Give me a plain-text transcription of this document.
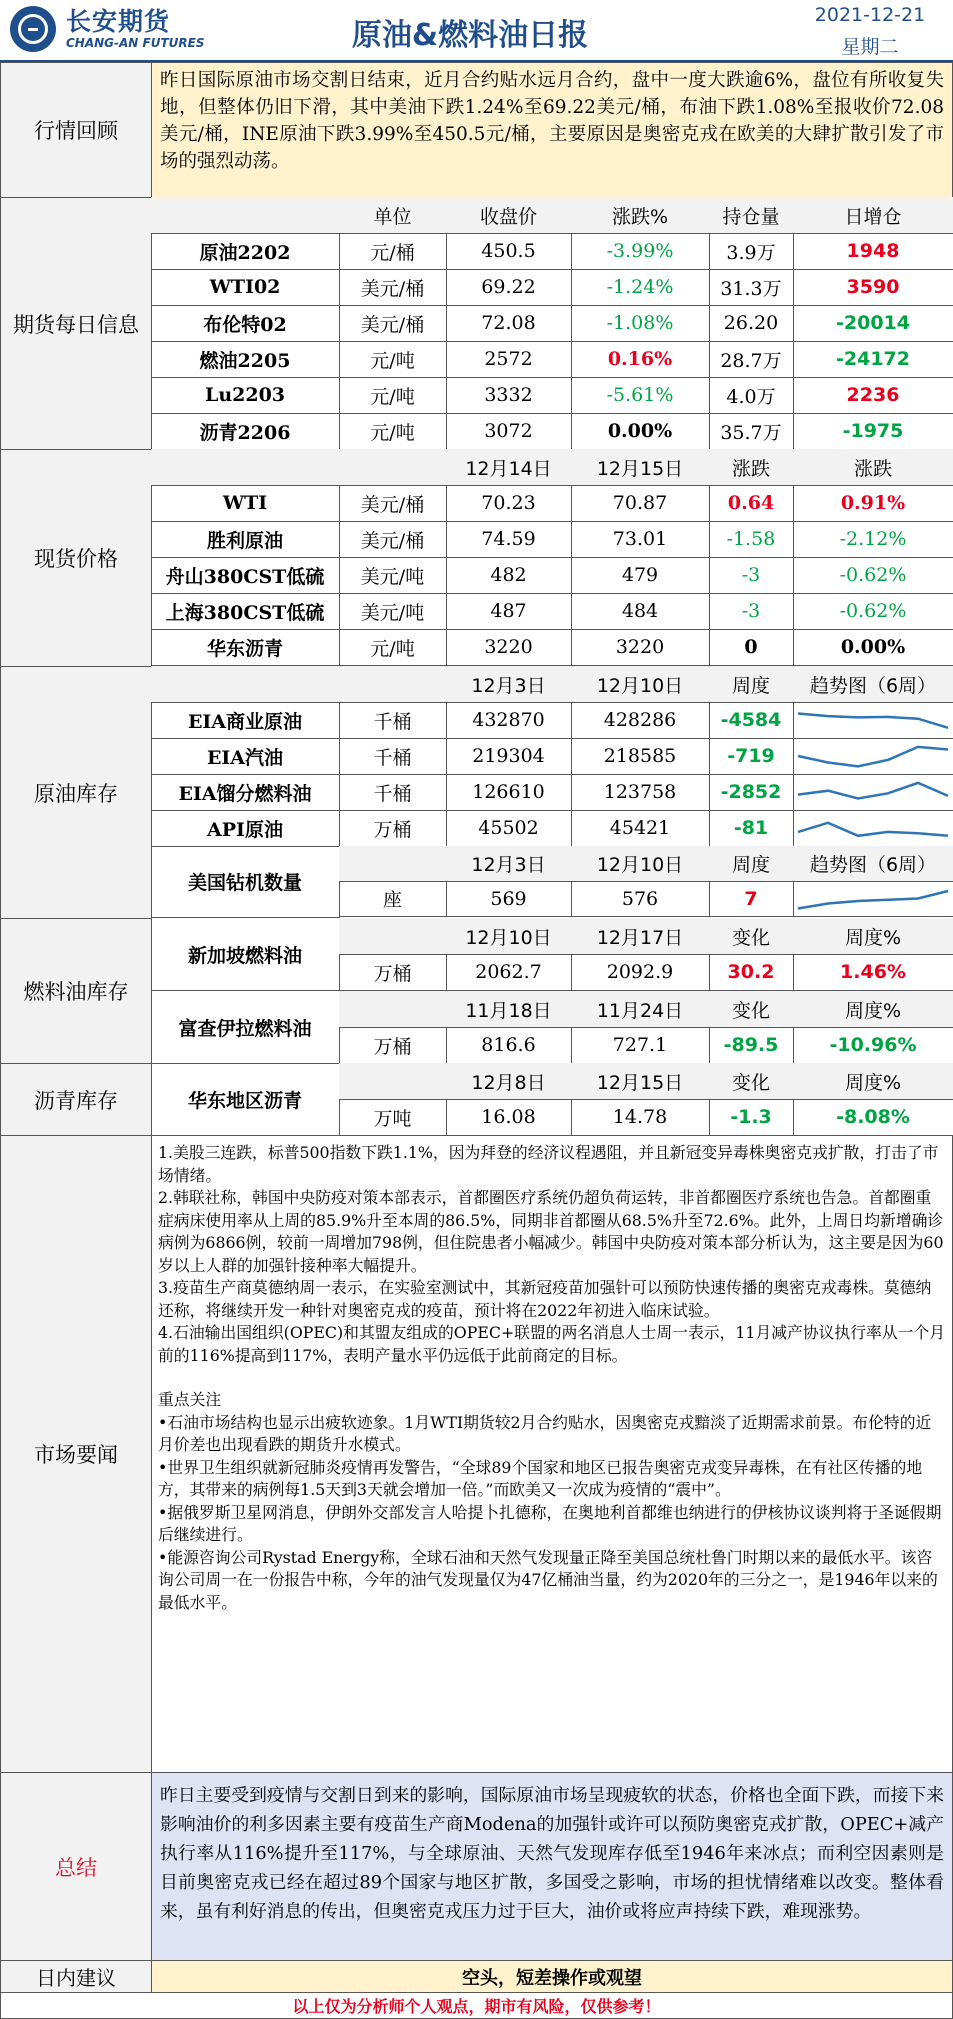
长安期货
CHANG-AN FUTURES	原油&燃料油日报
2021-12-21
星期二
行情回顾
昨日国际原油市场交割日结束，近月合约贴水远月合约，盘中一度大跌逾6%，盘位有所收复失地，但整体仍旧下滑，其中美油下跌1.24%至69.22美元/桶，布油下跌1.08%至报收价72.08美元/桶，INE原油下跌3.99%至450.5元/桶，主要原因是奥密克戎在欧美的大肆扩散引发了市场的强烈动荡。
期货每日信息
单位	收盘价	涨跌%	持仓量	日增仓
原油2202	元/桶	450.5	-3.99%	3.9万	1948
WTI02	美元/桶	69.22	-1.24%	31.3万	3590
布伦特02	美元/桶	72.08	-1.08%	26.20	-20014
燃油2205	元/吨	2572	0.16%	28.7万	-24172
Lu2203	元/吨	3332	-5.61%	4.0万	2236
沥青2206	元/吨	3072	0.00%	35.7万	-1975
现货价格
12月14日	12月15日	涨跌	涨跌
WTI	美元/桶	70.23	70.87	0.64	0.91%
胜利原油	美元/桶	74.59	73.01	-1.58	-2.12%
舟山380CST低硫	美元/吨	482	479	-3	-0.62%
上海380CST低硫	美元/吨	487	484	-3	-0.62%
华东沥青	元/吨	3220	3220	0	0.00%
原油库存
12月3日	12月10日	周度	趋势图（6周）
EIA商业原油	千桶	432870	428286	-4584
EIA汽油	千桶	219304	218585	-719
EIA馏分燃料油	千桶	126610	123758	-2852
API原油	万桶	45502	45421	-81
美国钻机数量
12月3日	12月10日	周度	趋势图（6周）
座	569	576	7
燃料油库存
新加坡燃料油
12月10日	12月17日	变化	周度%
万桶	2062.7	2092.9	30.2	1.46%
富查伊拉燃料油
11月18日	11月24日	变化	周度%
万桶	816.6	727.1	-89.5	-10.96%
沥青库存	华东地区沥青
12月8日	12月15日	变化	周度%
万吨	16.08	14.78	-1.3	-8.08%
市场要闻

1.美股三连跌，标普500指数下跌1.1%，因为拜登的经济议程遇阻，并且新冠变异毒株奥密克戎扩散，打击了市场情绪。

2.韩联社称，韩国中央防疫对策本部表示，首都圈医疗系统仍超负荷运转，非首都圈医疗系统也告急。首都圈重症病床使用率从上周的85.9%升至本周的86.5%，同期非首都圈从68.5%升至72.6%。此外，上周日均新增确诊病例为6866例，较前一周增加798例，但住院患者小幅减少。韩国中央防疫对策本部分析认为，这主要是因为60岁以上人群的加强针接种率大幅提升。

3.疫苗生产商莫德纳周一表示，在实验室测试中，其新冠疫苗加强针可以预防快速传播的奥密克戎毒株。莫德纳还称，将继续开发一种针对奥密克戎的疫苗，预计将在2022年初进入临床试验。

4.石油输出国组织(OPEC)和其盟友组成的OPEC+联盟的两名消息人士周一表示，11月减产协议执行率从一个月前的116%提高到117%，表明产量水平仍远低于此前商定的目标。

重点关注

•石油市场结构也显示出疲软迹象。1月WTI期货较2月合约贴水，因奥密克戎黯淡了近期需求前景。布伦特的近月价差也出现看跌的期货升水模式。

•世界卫生组织就新冠肺炎疫情再发警告，“全球89个国家和地区已报告奥密克戎变异毒株，在有社区传播的地方，其带来的病例每1.5天到3天就会增加一倍。”而欧美又一次成为疫情的“震中”。

•据俄罗斯卫星网消息，伊朗外交部发言人哈提卜扎德称，在奥地利首都维也纳进行的伊核协议谈判将于圣诞假期后继续进行。

•能源咨询公司Rystad Energy称，全球石油和天然气发现量正降至美国总统杜鲁门时期以来的最低水平。该咨询公司周一在一份报告中称，今年的油气发现量仅为47亿桶油当量，约为2020年的三分之一，是1946年以来的最低水平。

总结
昨日主要受到疫情与交割日到来的影响，国际原油市场呈现疲软的状态，价格也全面下跌，而接下来影响油价的利多因素主要有疫苗生产商Modena的加强针或许可以预防奥密克戎扩散，OPEC+减产执行率从116%提升至117%，与全球原油、天然气发现库存低至1946年来冰点；而利空因素则是目前奥密克戎已经在超过89个国家与地区扩散，多国受之影响，市场的担忧情绪难以改变。整体看来，虽有利好消息的传出，但奥密克戎压力过于巨大，油价或将应声持续下跌，难现涨势。
日内建议	空头，短差操作或观望
以上仅为分析师个人观点，期市有风险，仅供参考！
